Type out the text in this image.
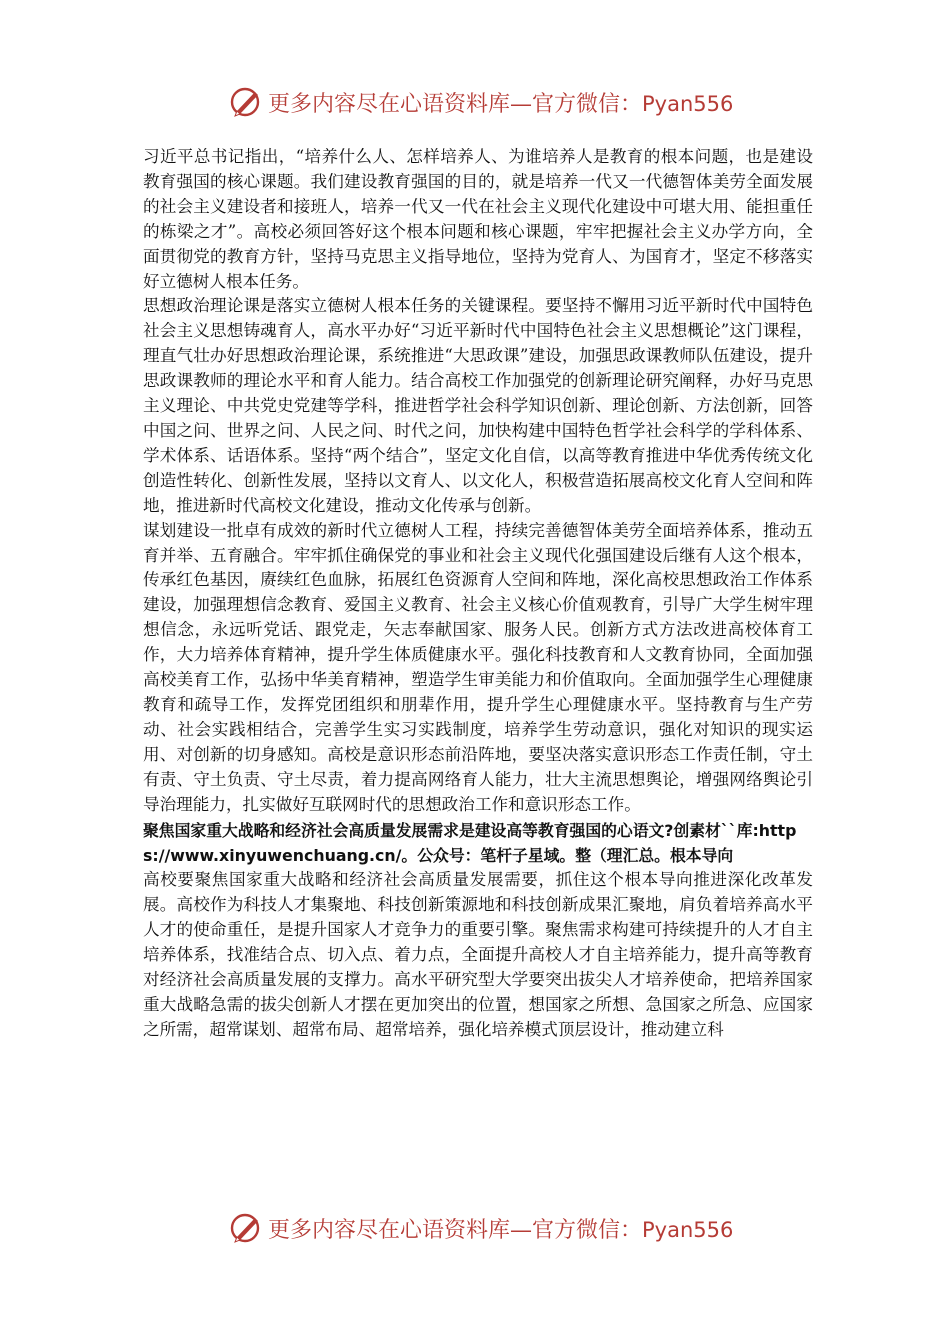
更多内容尽在心语资料库—官方微信：Pyan556

习近平总书记指出，“培养什么人、怎样培养人、为谁培养人是教育的根本问题，也是建设教育强国的核心课题。我们建设教育强国的目的，就是培养一代又一代德智体美劳全面发展的社会主义建设者和接班人，培养一代又一代在社会主义现代化建设中可堪大用、能担重任的栋梁之才”。高校必须回答好这个根本问题和核心课题，牢牢把握社会主义办学方向，全面贯彻党的教育方针，坚持马克思主义指导地位，坚持为党育人、为国育才，坚定不移落实好立德树人根本任务。

思想政治理论课是落实立德树人根本任务的关键课程。要坚持不懈用习近平新时代中国特色社会主义思想铸魂育人，高水平办好“习近平新时代中国特色社会主义思想概论”这门课程，理直气壮办好思想政治理论课，系统推进“大思政课”建设，加强思政课教师队伍建设，提升思政课教师的理论水平和育人能力。结合高校工作加强党的创新理论研究阐释，办好马克思主义理论、中共党史党建等学科，推进哲学社会科学知识创新、理论创新、方法创新，回答中国之问、世界之问、人民之问、时代之问，加快构建中国特色哲学社会科学的学科体系、学术体系、话语体系。坚持“两个结合”，坚定文化自信，以高等教育推进中华优秀传统文化创造性转化、创新性发展，坚持以文育人、以文化人，积极营造拓展高校文化育人空间和阵地，推进新时代高校文化建设，推动文化传承与创新。

谋划建设一批卓有成效的新时代立德树人工程，持续完善德智体美劳全面培养体系，推动五育并举、五育融合。牢牢抓住确保党的事业和社会主义现代化强国建设后继有人这个根本，传承红色基因，赓续红色血脉，拓展红色资源育人空间和阵地，深化高校思想政治工作体系建设，加强理想信念教育、爱国主义教育、社会主义核心价值观教育，引导广大学生树牢理想信念，永远听党话、跟党走，矢志奉献国家、服务人民。创新方式方法改进高校体育工作，大力培养体育精神，提升学生体质健康水平。强化科技教育和人文教育协同，全面加强高校美育工作，弘扬中华美育精神，塑造学生审美能力和价值取向。全面加强学生心理健康教育和疏导工作，发挥党团组织和朋辈作用，提升学生心理健康水平。坚持教育与生产劳动、社会实践相结合，完善学生实习实践制度，培养学生劳动意识，强化对知识的现实运用、对创新的切身感知。高校是意识形态前沿阵地，要坚决落实意识形态工作责任制，守土有责、守土负责、守土尽责，着力提高网络育人能力，壮大主流思想舆论，增强网络舆论引导治理能力，扎实做好互联网时代的思想政治工作和意识形态工作。

聚焦国家重大战略和经济社会高质量发展需求是建设高等教育强国的心语文?创素材``库:https://www.xinyuwenchuang.cn/。公众号：笔杆子星域。整（理汇总。根本导向

高校要聚焦国家重大战略和经济社会高质量发展需要，抓住这个根本导向推进深化改革发展。高校作为科技人才集聚地、科技创新策源地和科技创新成果汇聚地，肩负着培养高水平人才的使命重任，是提升国家人才竞争力的重要引擎。聚焦需求构建可持续提升的人才自主培养体系，找准结合点、切入点、着力点，全面提升高校人才自主培养能力，提升高等教育对经济社会高质量发展的支撑力。高水平研究型大学要突出拔尖人才培养使命，把培养国家重大战略急需的拔尖创新人才摆在更加突出的位置，想国家之所想、急国家之所急、应国家之所需，超常谋划、超常布局、超常培养，强化培养模式顶层设计，推动建立科

更多内容尽在心语资料库—官方微信：Pyan556
